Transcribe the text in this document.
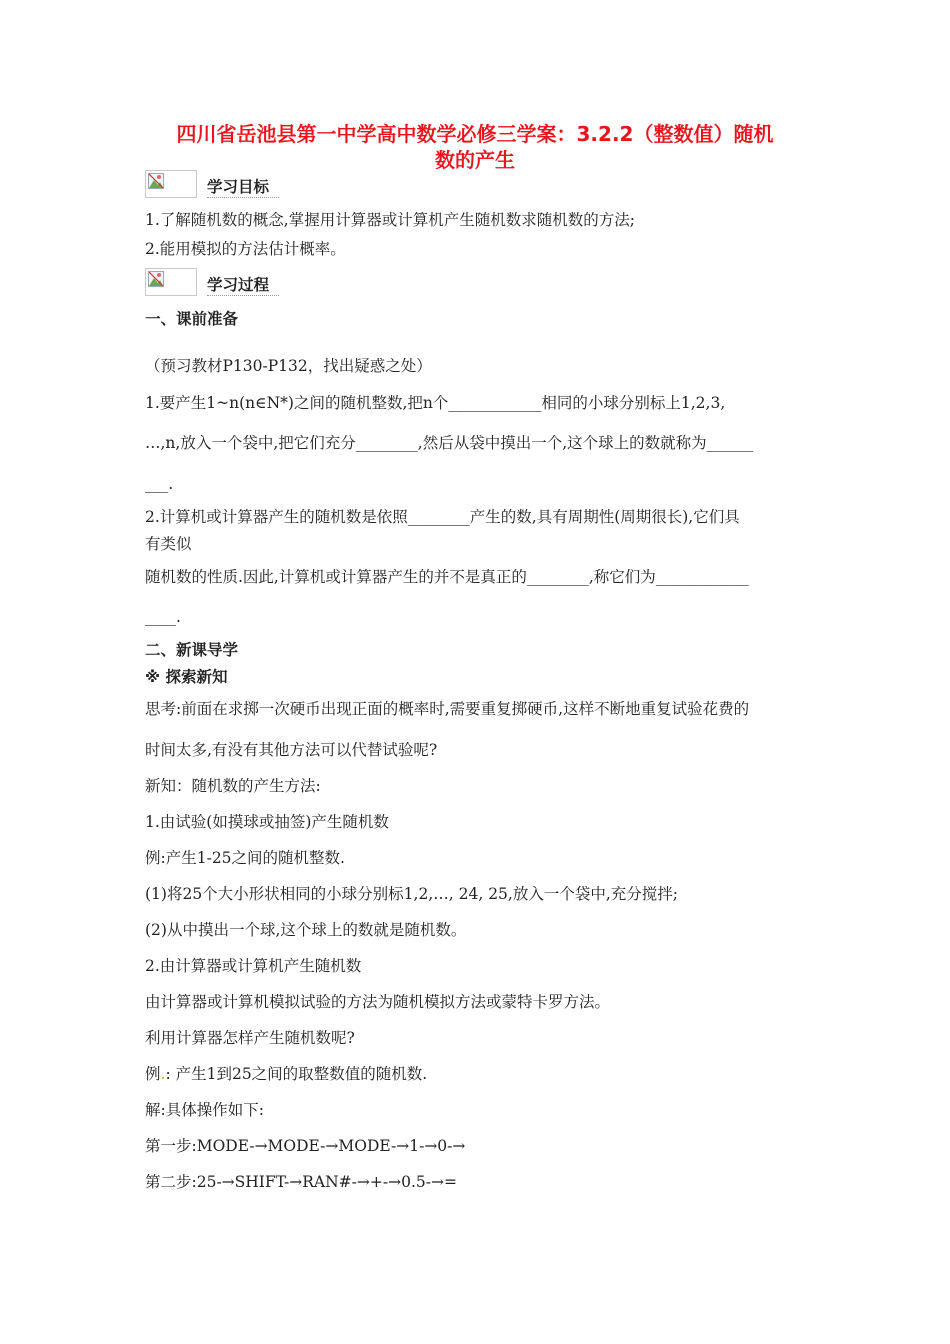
四川省岳池县第一中学高中数学必修三学案：3.2.2（整数值）随机
数的产生
学习目标
1.了解随机数的概念,掌握用计算器或计算机产生随机数求随机数的方法;
2.能用模拟的方法估计概率。
学习过程
一、课前准备
（预习教材P130-P132，找出疑惑之处）
1.要产生1~n(n∈N*)之间的随机整数,把n个____________相同的小球分别标上1,2,3,
…,n,放入一个袋中,把它们充分________,然后从袋中摸出一个,这个球上的数就称为______
___.
2.计算机或计算器产生的随机数是依照________产生的数,具有周期性(周期很长),它们具
有类似
随机数的性质.因此,计算机或计算器产生的并不是真正的________,称它们为____________
____.
二、新课导学
※ 探索新知
思考:前面在求掷一次硬币出现正面的概率时,需要重复掷硬币,这样不断地重复试验花费的
时间太多,有没有其他方法可以代替试验呢?
新知：随机数的产生方法:
1.由试验(如摸球或抽签)产生随机数
例:产生1-25之间的随机整数.
(1)将25个大小形状相同的小球分别标1,2,…, 24, 25,放入一个袋中,充分搅拌;
(2)从中摸出一个球,这个球上的数就是随机数。
2.由计算器或计算机产生随机数
由计算器或计算机模拟试验的方法为随机模拟方法或蒙特卡罗方法。
利用计算器怎样产生随机数呢?
例.: 产生1到25之间的取整数值的随机数.
解:具体操作如下:
第一步:MODE-→MODE-→MODE-→1-→0-→
第二步:25-→SHIFT-→RAN#-→+-→0.5-→=
